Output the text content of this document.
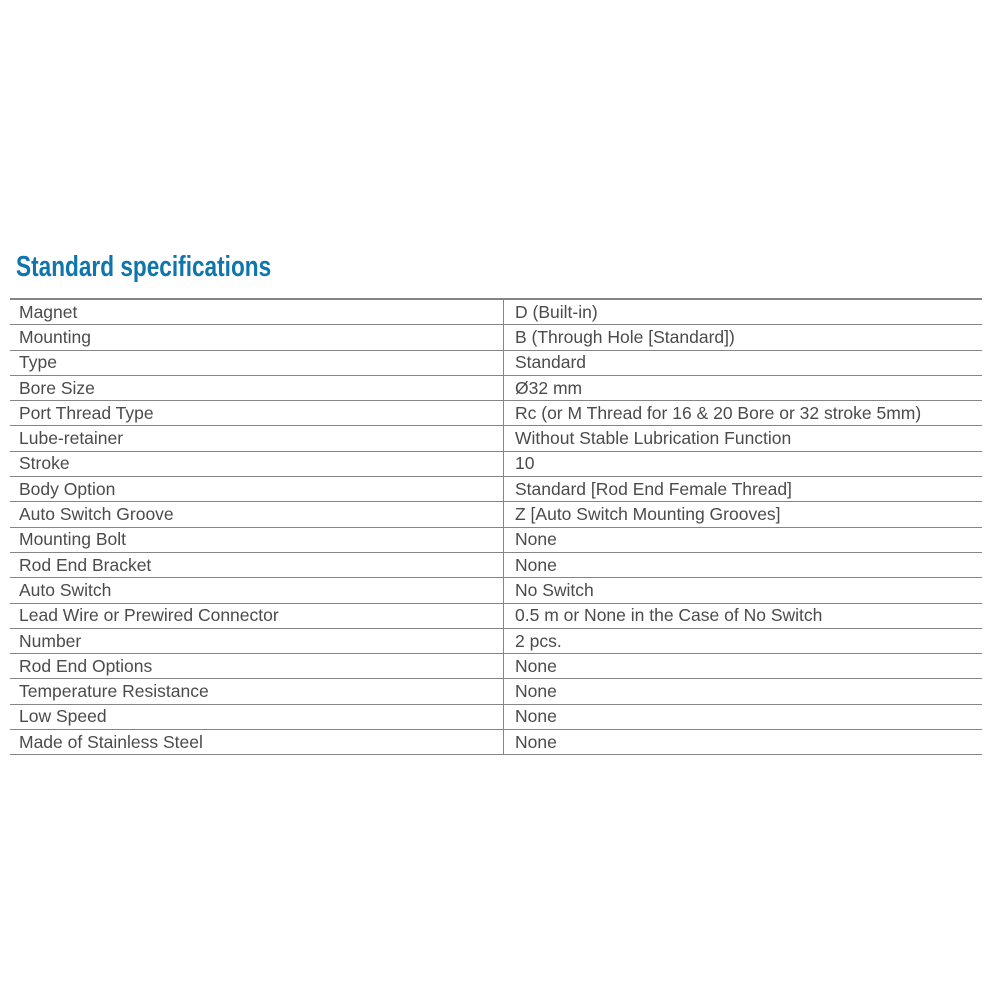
Standard specifications
Magnet	D (Built-in)
Mounting	B (Through Hole [Standard])
Type	Standard
Bore Size	Ø32 mm
Port Thread Type	Rc (or M Thread for 16 & 20 Bore or 32 stroke 5mm)
Lube-retainer	Without Stable Lubrication Function
Stroke	10
Body Option	Standard [Rod End Female Thread]
Auto Switch Groove	Z [Auto Switch Mounting Grooves]
Mounting Bolt	None
Rod End Bracket	None
Auto Switch	No Switch
Lead Wire or Prewired Connector	0.5 m or None in the Case of No Switch
Number	2 pcs.
Rod End Options	None
Temperature Resistance	None
Low Speed	None
Made of Stainless Steel	None
